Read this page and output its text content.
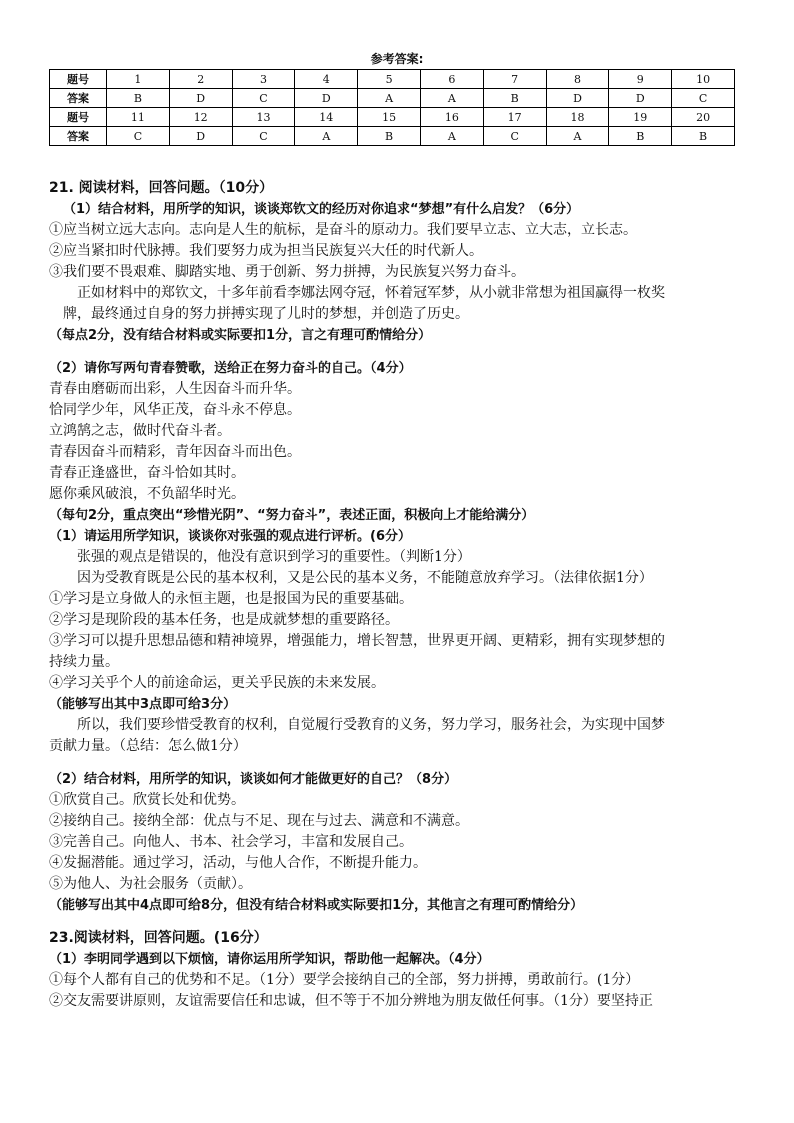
参考答案:
题号	1	2	3	4	5	6	7	8	9	10
答案	B	D	C	D	A	A	B	D	D	C
题号	11	12	13	14	15	16	17	18	19	20
答案	C	D	C	A	B	A	C	A	B	B
21. 阅读材料，回答问题。（10分）
（1）结合材料，用所学的知识，谈谈郑钦文的经历对你追求“梦想”有什么启发？（6分）
①应当树立远大志向。志向是人生的航标，是奋斗的原动力。我们要早立志、立大志，立长志。
②应当紧扣时代脉搏。我们要努力成为担当民族复兴大任的时代新人。
③我们要不畏艰难、脚踏实地、勇于创新、努力拼搏，为民族复兴努力奋斗。
正如材料中的郑钦文，十多年前看李娜法网夺冠，怀着冠军梦，从小就非常想为祖国赢得一枚奖
牌，最终通过自身的努力拼搏实现了儿时的梦想，并创造了历史。
（每点2分，没有结合材料或实际要扣1分，言之有理可酌情给分）
（2）请你写两句青春赞歌，送给正在努力奋斗的自己。（4分）
青春由磨砺而出彩，人生因奋斗而升华。
恰同学少年，风华正茂，奋斗永不停息。
立鸿鹄之志，做时代奋斗者。
青春因奋斗而精彩，青年因奋斗而出色。
青春正逢盛世，奋斗恰如其时。
愿你乘风破浪，不负韶华时光。
（每句2分，重点突出“珍惜光阴”、“努力奋斗”，表述正面，积极向上才能给满分）
（1）请运用所学知识，谈谈你对张强的观点进行评析。(6分）
张强的观点是错误的，他没有意识到学习的重要性。（判断1分）
因为受教育既是公民的基本权利，又是公民的基本义务，不能随意放弃学习。（法律依据1分）
①学习是立身做人的永恒主题，也是报国为民的重要基础。
②学习是现阶段的基本任务，也是成就梦想的重要路径。
③学习可以提升思想品德和精神境界，增强能力，增长智慧，世界更开阔、更精彩，拥有实现梦想的
持续力量。
④学习关乎个人的前途命运，更关乎民族的未来发展。
（能够写出其中3点即可给3分）
所以，我们要珍惜受教育的权利，自觉履行受教育的义务，努力学习，服务社会，为实现中国梦
贡献力量。（总结：怎么做1分）
（2）结合材料，用所学的知识，谈谈如何才能做更好的自己？（8分）
①欣赏自己。欣赏长处和优势。
②接纳自己。接纳全部：优点与不足、现在与过去、满意和不满意。
③完善自己。向他人、书本、社会学习，丰富和发展自己。
④发掘潜能。通过学习，活动，与他人合作，不断提升能力。
⑤为他人、为社会服务（贡献）。
（能够写出其中4点即可给8分，但没有结合材料或实际要扣1分，其他言之有理可酌情给分）
23.阅读材料，回答问题。(16分）
（1）李明同学遇到以下烦恼，请你运用所学知识，帮助他一起解决。（4分）
①每个人都有自己的优势和不足。（1分）要学会接纳自己的全部，努力拼搏，勇敢前行。(1分）
②交友需要讲原则，友谊需要信任和忠诚，但不等于不加分辨地为朋友做任何事。（1分）要坚持正
